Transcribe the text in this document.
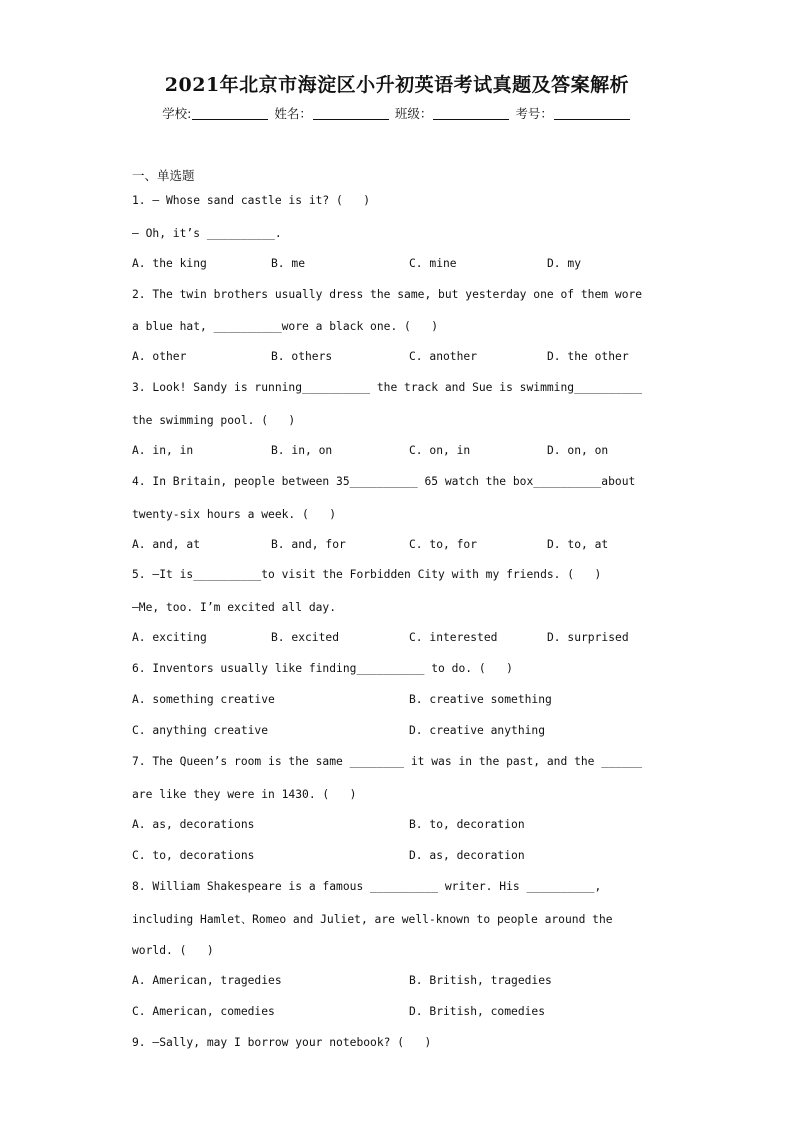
2021年北京市海淀区小升初英语考试真题及答案解析
学校:	姓名：	班级：	考号：
一、单选题
1. — Whose sand castle is it? (   )
— Oh, it’s __________.
A. the king	B. me	C. mine	D. my
2. The twin brothers usually dress the same, but yesterday one of them wore
a blue hat, __________wore a black one. (   )
A. other	B. others	C. another	D. the other
3. Look! Sandy is running__________ the track and Sue is swimming__________
the swimming pool. (   )
A. in, in	B. in, on	C. on, in	D. on, on
4. In Britain, people between 35__________ 65 watch the box__________about
twenty-six hours a week. (   )
A. and, at	B. and, for	C. to, for	D. to, at
5. —It is__________to visit the Forbidden City with my friends. (   )
—Me, too. I’m excited all day.
A. exciting	B. excited	C. interested	D. surprised
6. Inventors usually like finding__________ to do. (   )
A. something creative	B. creative something
C. anything creative	D. creative anything
7. The Queen’s room is the same ________ it was in the past, and the ______
are like they were in 1430. (   )
A. as, decorations	B. to, decoration
C. to, decorations	D. as, decoration
8. William Shakespeare is a famous __________ writer. His __________,
including Hamlet、Romeo and Juliet, are well-known to people around the
world. (   )
A. American, tragedies	B. British, tragedies
C. American, comedies	D. British, comedies
9. —Sally, may I borrow your notebook? (   )
